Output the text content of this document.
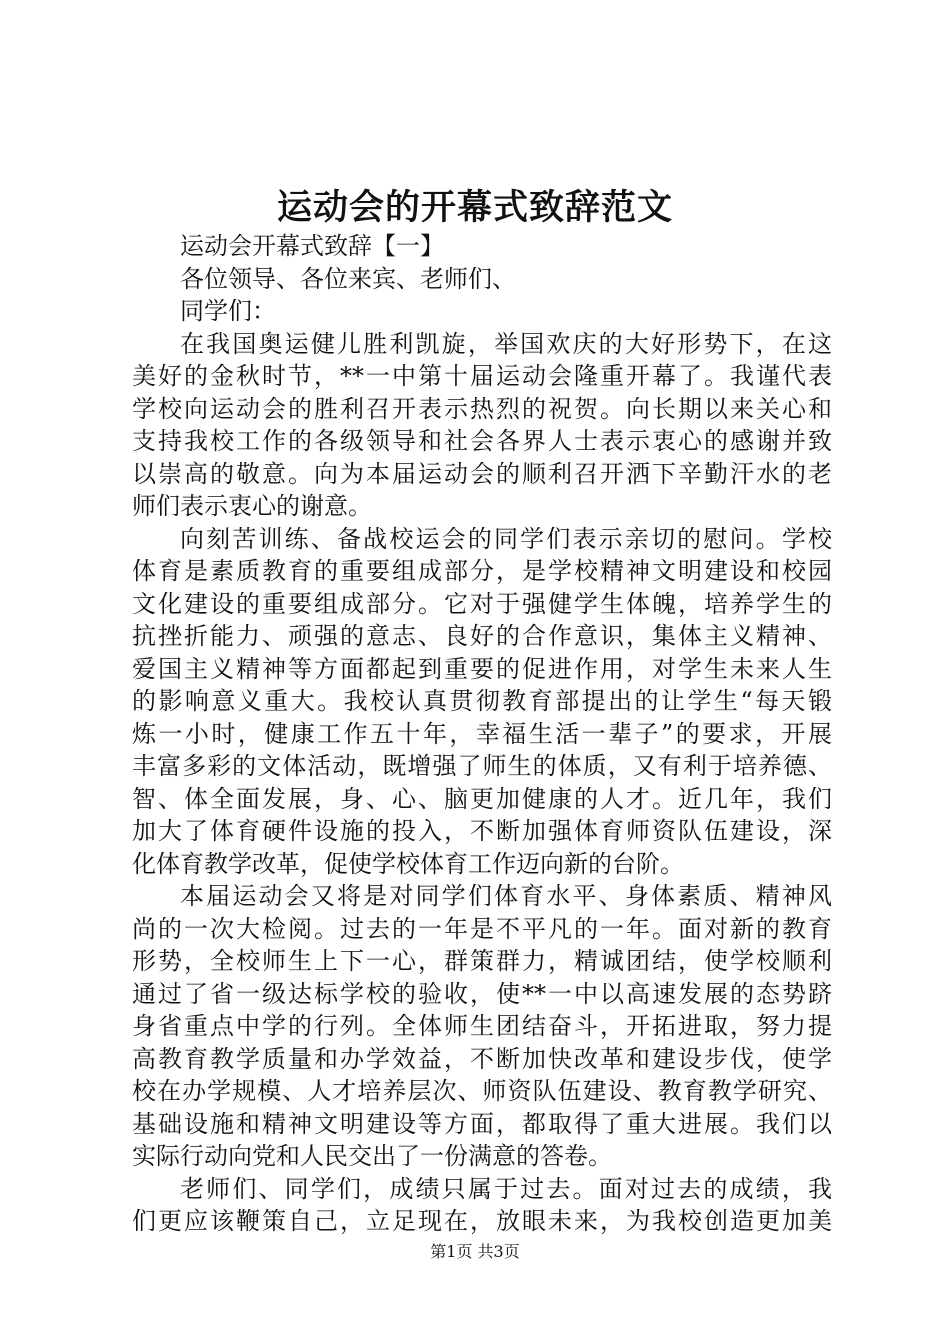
运动会的开幕式致辞范文
运动会开幕式致辞【一】
各位领导、各位来宾、老师们、
同学们：
在我国奥运健儿胜利凯旋，举国欢庆的大好形势下，在这
美好的金秋时节，**一中第十届运动会隆重开幕了。我谨代表
学校向运动会的胜利召开表示热烈的祝贺。向长期以来关心和
支持我校工作的各级领导和社会各界人士表示衷心的感谢并致
以崇高的敬意。向为本届运动会的顺利召开洒下辛勤汗水的老
师们表示衷心的谢意。
向刻苦训练、备战校运会的同学们表示亲切的慰问。学校
体育是素质教育的重要组成部分，是学校精神文明建设和校园
文化建设的重要组成部分。它对于强健学生体魄，培养学生的
抗挫折能力、顽强的意志、良好的合作意识，集体主义精神、
爱国主义精神等方面都起到重要的促进作用，对学生未来人生
的影响意义重大。我校认真贯彻教育部提出的让学生“每天锻
炼一小时，健康工作五十年，幸福生活一辈子”的要求，开展
丰富多彩的文体活动，既增强了师生的体质，又有利于培养德、
智、体全面发展，身、心、脑更加健康的人才。近几年，我们
加大了体育硬件设施的投入，不断加强体育师资队伍建设，深
化体育教学改革，促使学校体育工作迈向新的台阶。
本届运动会又将是对同学们体育水平、身体素质、精神风
尚的一次大检阅。过去的一年是不平凡的一年。面对新的教育
形势，全校师生上下一心，群策群力，精诚团结，使学校顺利
通过了省一级达标学校的验收，使**一中以高速发展的态势跻
身省重点中学的行列。全体师生团结奋斗，开拓进取，努力提
高教育教学质量和办学效益，不断加快改革和建设步伐，使学
校在办学规模、人才培养层次、师资队伍建设、教育教学研究、
基础设施和精神文明建设等方面，都取得了重大进展。我们以
实际行动向党和人民交出了一份满意的答卷。
老师们、同学们，成绩只属于过去。面对过去的成绩，我
们更应该鞭策自己，立足现在，放眼未来，为我校创造更加美
第1页 共3页
